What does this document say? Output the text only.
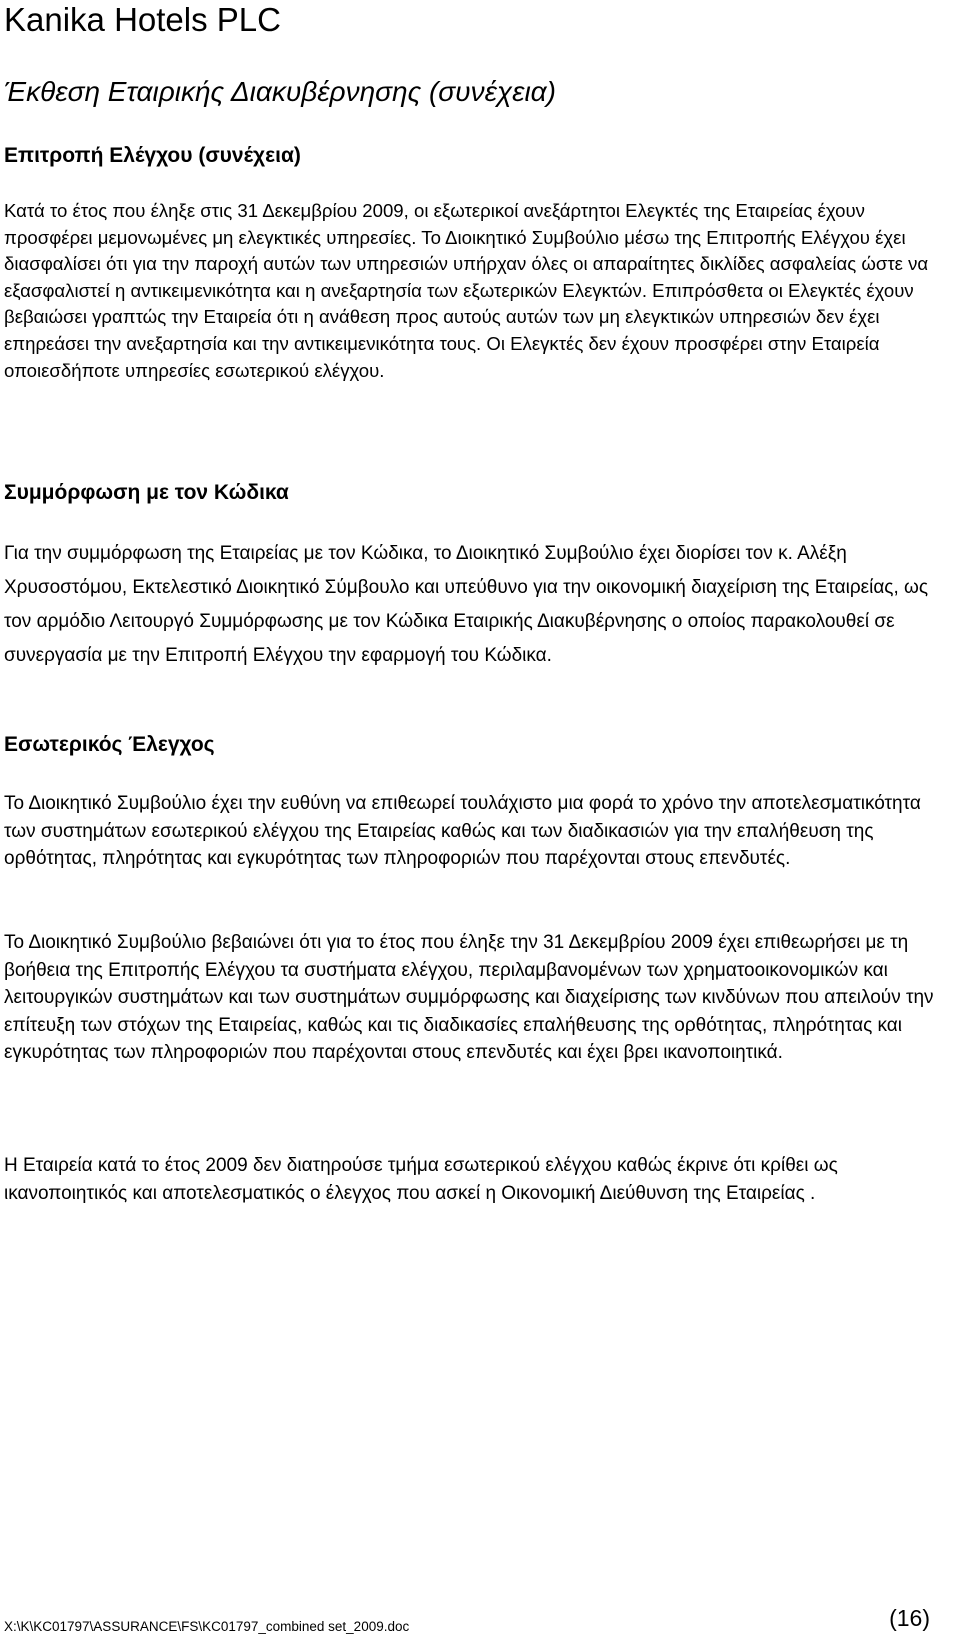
Kanika Hotels PLC
Έκθεση Εταιρικής Διακυβέρνησης (συνέχεια)
Επιτροπή Ελέγχου (συνέχεια)

Κατά το έτος που έληξε στις 31 Δεκεμβρίου 2009, οι εξωτερικοί ανεξάρτητοι Ελεγκτές της Εταιρείας έχουν προσφέρει μεμονωμένες μη ελεγκτικές υπηρεσίες. Το Διοικητικό Συμβούλιο μέσω της Επιτροπής Ελέγχου έχει διασφαλίσει ότι για την παροχή αυτών των υπηρεσιών υπήρχαν όλες οι απαραίτητες δικλίδες ασφαλείας ώστε να εξασφαλιστεί η αντικειμενικότητα και η ανεξαρτησία των εξωτερικών Ελεγκτών. Επιπρόσθετα οι Ελεγκτές έχουν βεβαιώσει γραπτώς την Εταιρεία ότι η ανάθεση προς αυτούς αυτών των μη ελεγκτικών υπηρεσιών δεν έχει επηρεάσει την ανεξαρτησία και την αντικειμενικότητα τους. Οι Ελεγκτές δεν έχουν προσφέρει στην Εταιρεία οποιεσδήποτε υπηρεσίες εσωτερικού ελέγχου.

Συμμόρφωση με τον Κώδικα

Για την συμμόρφωση της Εταιρείας με τον Κώδικα, το Διοικητικό Συμβούλιο έχει διορίσει τον κ. Αλέξη Χρυσοστόμου, Εκτελεστικό Διοικητικό Σύμβουλο και υπεύθυνο για την οικονομική διαχείριση της Εταιρείας, ως τον αρμόδιο Λειτουργό Συμμόρφωσης με τον Κώδικα Εταιρικής Διακυβέρνησης ο οποίος παρακολουθεί σε συνεργασία με την Επιτροπή Ελέγχου την εφαρμογή του Κώδικα.

Εσωτερικός Έλεγχος

Το Διοικητικό Συμβούλιο έχει την ευθύνη να επιθεωρεί τουλάχιστο μια φορά το χρόνο την αποτελεσματικότητα των συστημάτων εσωτερικού ελέγχου της Εταιρείας καθώς και των διαδικασιών για την επαλήθευση της ορθότητας, πληρότητας και εγκυρότητας των πληροφοριών που παρέχονται στους επενδυτές.

Το Διοικητικό Συμβούλιο βεβαιώνει ότι για το έτος που έληξε την 31 Δεκεμβρίου 2009 έχει επιθεωρήσει με τη βοήθεια της Επιτροπής Ελέγχου τα συστήματα ελέγχου, περιλαμβανομένων των χρηματοοικονομικών και λειτουργικών συστημάτων και των συστημάτων συμμόρφωσης και διαχείρισης των κινδύνων που απειλούν την επίτευξη των στόχων της Εταιρείας, καθώς και τις διαδικασίες επαλήθευσης της ορθότητας, πληρότητας και εγκυρότητας των πληροφοριών που παρέχονται στους επενδυτές και έχει βρει ικανοποιητικά.

Η Εταιρεία κατά το έτος 2009 δεν διατηρούσε τμήμα εσωτερικού ελέγχου καθώς έκρινε ότι κρίθει ως ικανοποιητικός και αποτελεσματικός ο έλεγχος που ασκεί η Οικονομική Διεύθυνση της Εταιρείας .

X:\K\KC01797\ASSURANCE\FS\KC01797_combined set_2009.doc	(16)
